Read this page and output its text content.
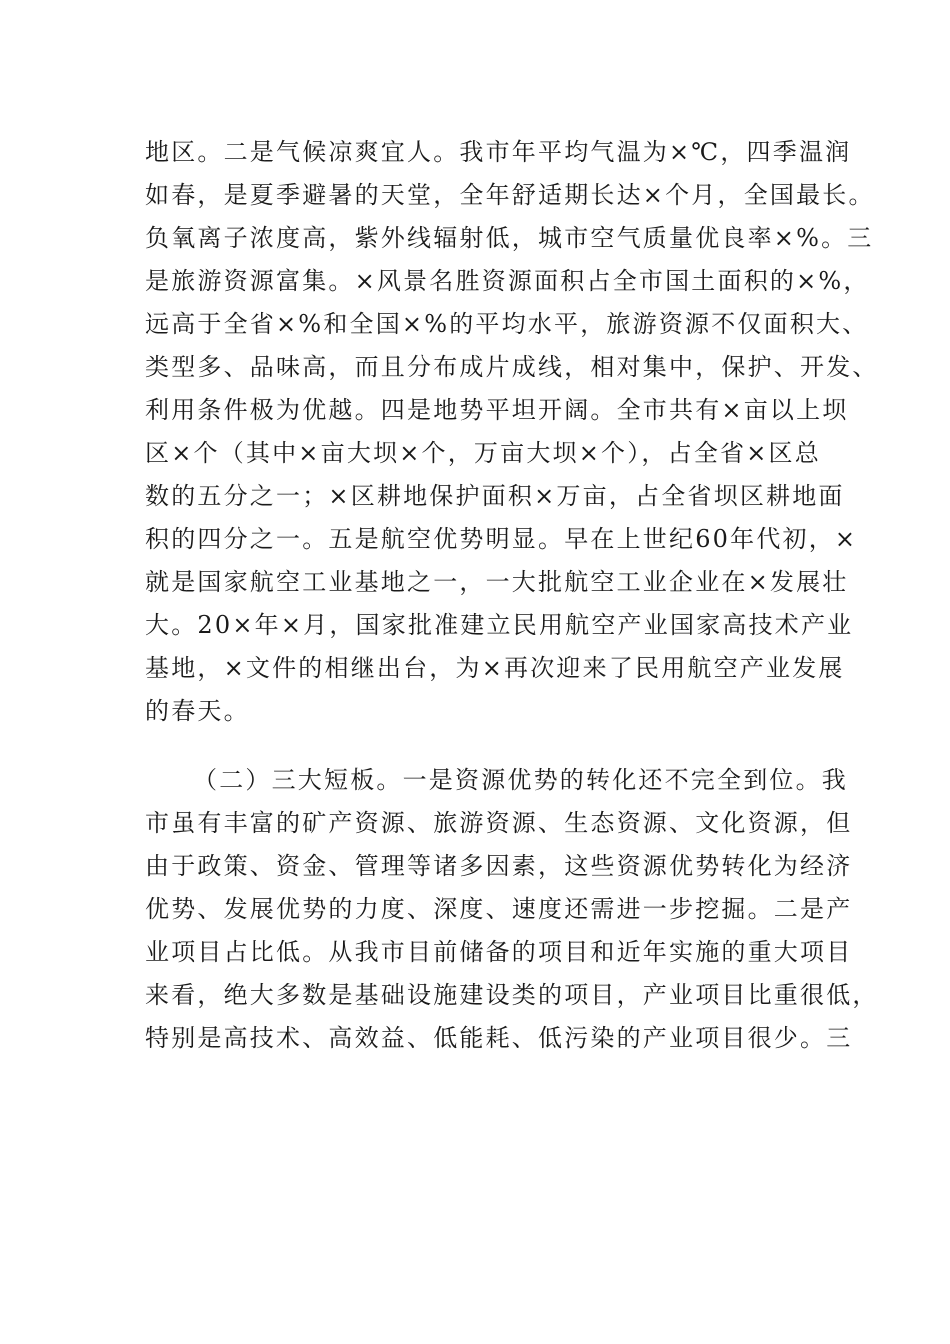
地区。二是气候凉爽宜人。我市年平均气温为×℃，四季温润
如春，是夏季避暑的天堂，全年舒适期长达×个月，全国最长。
负氧离子浓度高，紫外线辐射低，城市空气质量优良率×%。三
是旅游资源富集。×风景名胜资源面积占全市国土面积的×%，
远高于全省×%和全国×%的平均水平，旅游资源不仅面积大、
类型多、品味高，而且分布成片成线，相对集中，保护、开发、
利用条件极为优越。四是地势平坦开阔。全市共有×亩以上坝
区×个（其中×亩大坝×个，万亩大坝×个），占全省×区总
数的五分之一；×区耕地保护面积×万亩，占全省坝区耕地面
积的四分之一。五是航空优势明显。早在上世纪60年代初，×
就是国家航空工业基地之一，一大批航空工业企业在×发展壮
大。20×年×月，国家批准建立民用航空产业国家高技术产业
基地，×文件的相继出台，为×再次迎来了民用航空产业发展
的春天。
（二）三大短板。一是资源优势的转化还不完全到位。我
市虽有丰富的矿产资源、旅游资源、生态资源、文化资源，但
由于政策、资金、管理等诸多因素，这些资源优势转化为经济
优势、发展优势的力度、深度、速度还需进一步挖掘。二是产
业项目占比低。从我市目前储备的项目和近年实施的重大项目
来看，绝大多数是基础设施建设类的项目，产业项目比重很低，
特别是高技术、高效益、低能耗、低污染的产业项目很少。三
